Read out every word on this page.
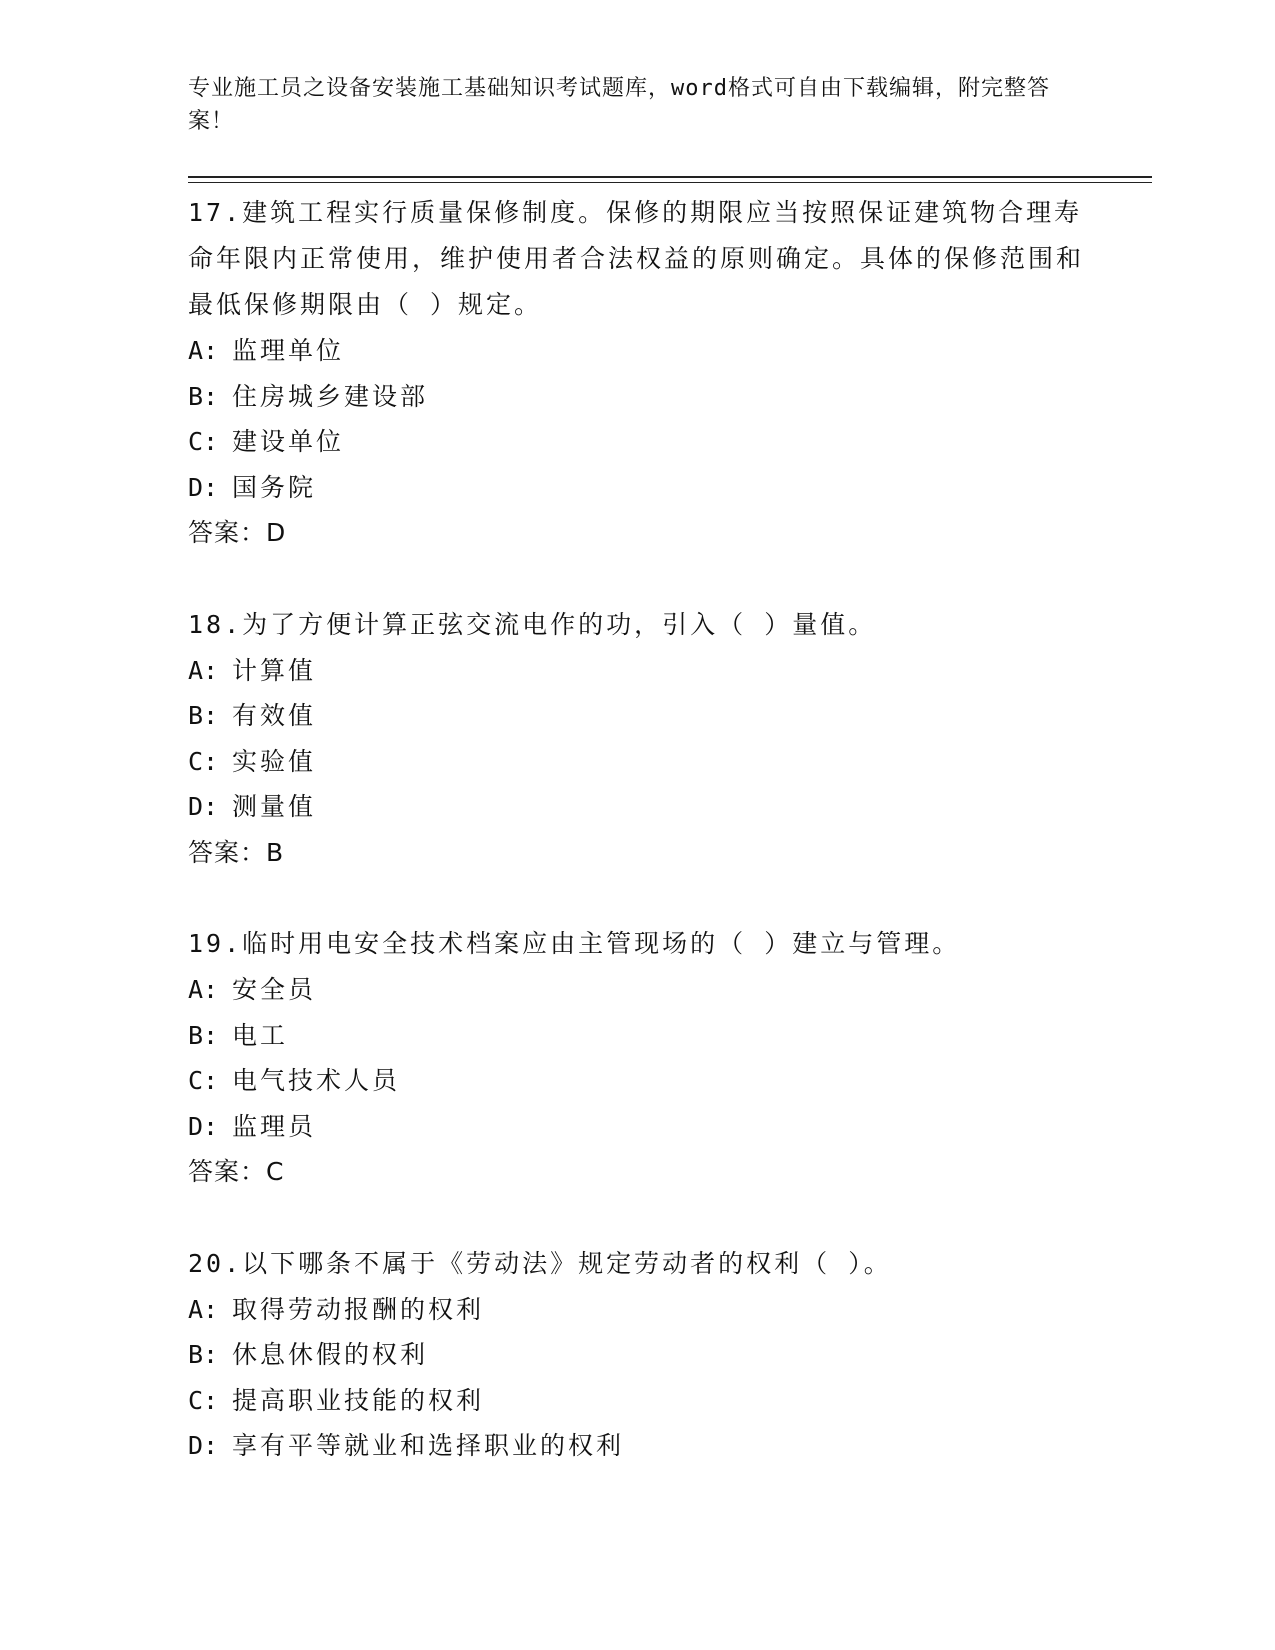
专业施工员之设备安装施工基础知识考试题库，word格式可自由下载编辑，附完整答案！
17.建筑工程实行质量保修制度。保修的期限应当按照保证建筑物合理寿命年限内正常使用，维护使用者合法权益的原则确定。具体的保修范围和最低保修期限由（ ）规定。
A: 监理单位
B: 住房城乡建设部
C: 建设单位
D: 国务院
答案：D
18.为了方便计算正弦交流电作的功，引入（ ）量值。
A: 计算值
B: 有效值
C: 实验值
D: 测量值
答案：B
19.临时用电安全技术档案应由主管现场的（ ）建立与管理。
A: 安全员
B: 电工
C: 电气技术人员
D: 监理员
答案：C
20.以下哪条不属于《劳动法》规定劳动者的权利（ ）。
A: 取得劳动报酬的权利
B: 休息休假的权利
C: 提高职业技能的权利
D: 享有平等就业和选择职业的权利
